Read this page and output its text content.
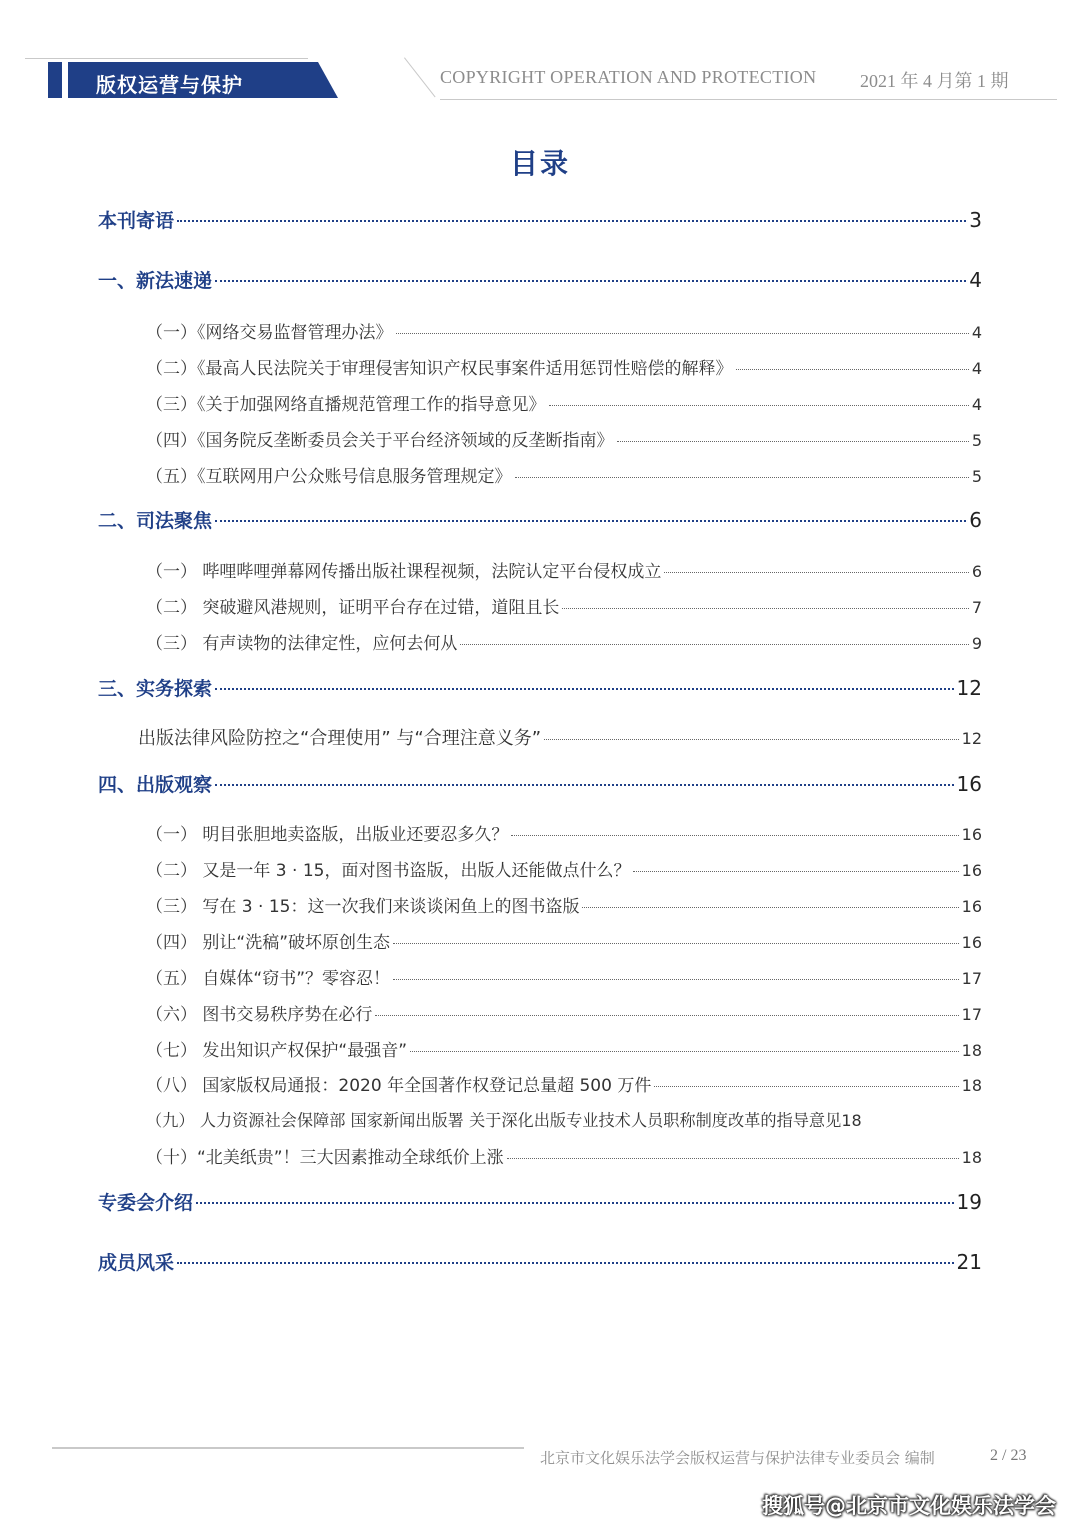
版权运营与保护	COPYRIGHT OPERATION AND PROTECTION 2021 年 4 月第 1 期
目录
本刊寄语	3
一、新法速递	4
（一）《网络交易监督管理办法》	4
（二）《最高人民法院关于审理侵害知识产权民事案件适用惩罚性赔偿的解释》	4
（三）《关于加强网络直播规范管理工作的指导意见》	4
（四）《国务院反垄断委员会关于平台经济领域的反垄断指南》	5
（五）《互联网用户公众账号信息服务管理规定》	5
二、司法聚焦	6
（一） 哔哩哔哩弹幕网传播出版社课程视频，法院认定平台侵权成立	6
（二） 突破避风港规则，证明平台存在过错，道阻且长	7
（三） 有声读物的法律定性，应何去何从	9
三、实务探索	12
出版法律风险防控之“合理使用” 与“合理注意义务”	12
四、出版观察	16
（一） 明目张胆地卖盗版，出版业还要忍多久？	16
（二） 又是一年 3 · 15，面对图书盗版，出版人还能做点什么？	16
（三） 写在 3 · 15：这一次我们来谈谈闲鱼上的图书盗版	16
（四） 别让“洗稿”破坏原创生态	16
（五） 自媒体“窃书”？零容忍！	17
（六） 图书交易秩序势在必行	17
（七） 发出知识产权保护“最强音”	18
（八） 国家版权局通报：2020 年全国著作权登记总量超 500 万件	18
（九） 人力资源社会保障部 国家新闻出版署 关于深化出版专业技术人员职称制度改革的指导意见 18
（十）“北美纸贵”！三大因素推动全球纸价上涨	18
专委会介绍	19
成员风采	21
北京市文化娱乐法学会版权运营与保护法律专业委员会 编制	2 / 23
搜狐号@北京市文化娱乐法学会
